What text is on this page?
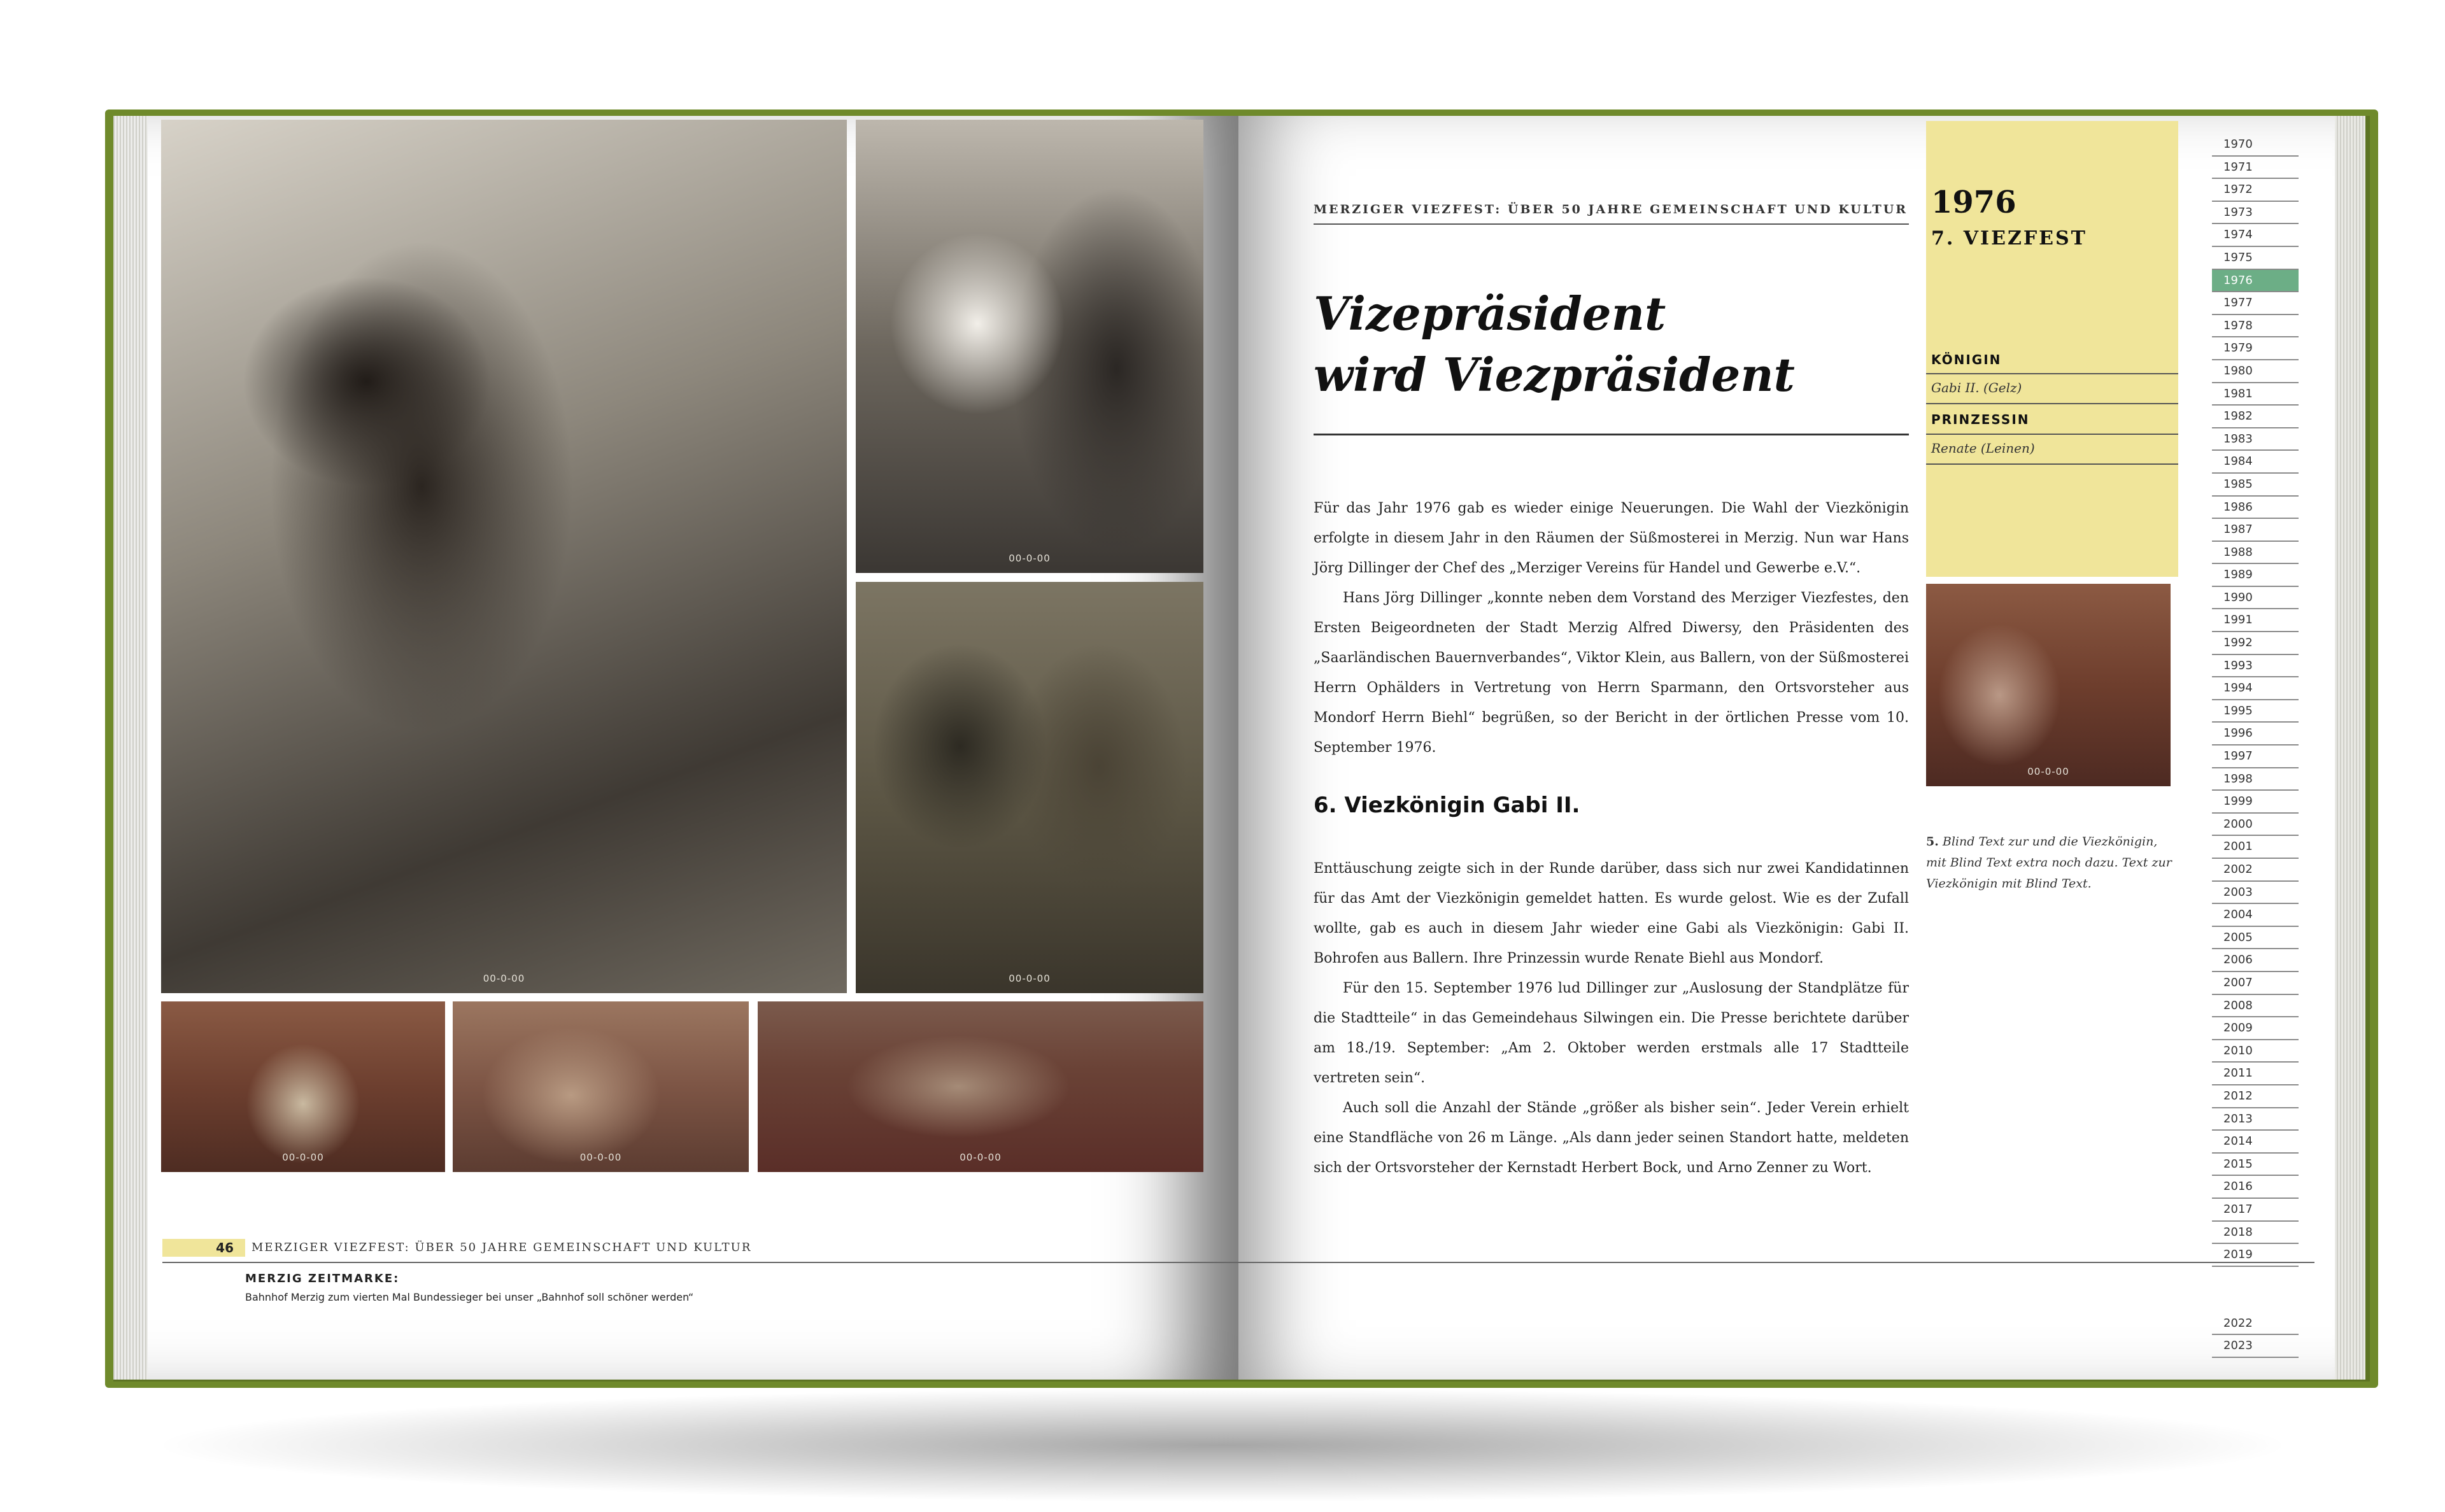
00-0-00
00-0-00
00-0-00
00-0-00	00-0-00	00-0-00
46	MERZIGER VIEZFEST: ÜBER 50 JAHRE GEMEINSCHAFT UND KULTUR
MERZIG ZEITMARKE:
Bahnhof Merzig zum vierten Mal Bundessieger bei unser „Bahnhof soll schöner werden“
MERZIGER VIEZFEST: ÜBER 50 JAHRE GEMEINSCHAFT UND KULTUR
Vizepräsident
wird Viezpräsident

Für das Jahr 1976 gab es wieder einige Neuerungen. Die Wahl der Viezkönigin erfolgte in diesem Jahr in den Räumen der Süßmosterei in Merzig. Nun war Hans Jörg Dillinger der Chef des „Merziger Vereins für Handel und Gewerbe e.V.“.

Hans Jörg Dillinger „konnte neben dem Vorstand des Merziger Viezfestes, den Ersten Beigeordneten der Stadt Merzig Alfred Diwersy, den Präsidenten des „Saarländischen Bauernverbandes“, Viktor Klein, aus Ballern, von der Süßmosterei Herrn Ophälders in Vertretung von Herrn Sparmann, den Ortsvorsteher aus Mondorf Herrn Biehl“ begrüßen, so der Bericht in der örtlichen Presse vom 10. September 1976.

6. Viezkönigin Gabi II.

Enttäuschung zeigte sich in der Runde darüber, dass sich nur zwei Kandidatinnen für das Amt der Viezkönigin gemeldet hatten. Es wurde gelost. Wie es der Zufall wollte, gab es auch in diesem Jahr wieder eine Gabi als Viezkönigin: Gabi II. Bohrofen aus Ballern. Ihre Prinzessin wurde Renate Biehl aus Mondorf.

Für den 15. September 1976 lud Dillinger zur „Auslosung der Standplätze für die Stadtteile“ in das Gemeindehaus Silwingen ein. Die Presse berichtete darüber am 18./19. September: „Am 2. Oktober werden erstmals alle 17 Stadtteile vertreten sein“.

Auch soll die Anzahl der Stände „größer als bisher sein“. Jeder Verein erhielt eine Standfläche von 26 m Länge. „Als dann jeder seinen Standort hatte, meldeten sich der Ortsvorsteher der Kernstadt Herbert Bock, und Arno Zenner zu Wort.

1976
7. VIEZFEST
KÖNIGIN
Gabi II. (Gelz)
PRINZESSIN
Renate (Leinen)
00-0-00
5. Blind Text zur und die Viezkönigin, mit Blind Text extra noch dazu. Text zur Viezkönigin mit Blind Text.
1970
1971
1972
1973
1974
1975
1976
1977
1978
1979
1980
1981
1982
1983
1984
1985
1986
1987
1988
1989
1990
1991
1992
1993
1994
1995
1996
1997
1998
1999
2000
2001
2002
2003
2004
2005
2006
2007
2008
2009
2010
2011
2012
2013
2014
2015
2016
2017
2018
2019
2022
2023
